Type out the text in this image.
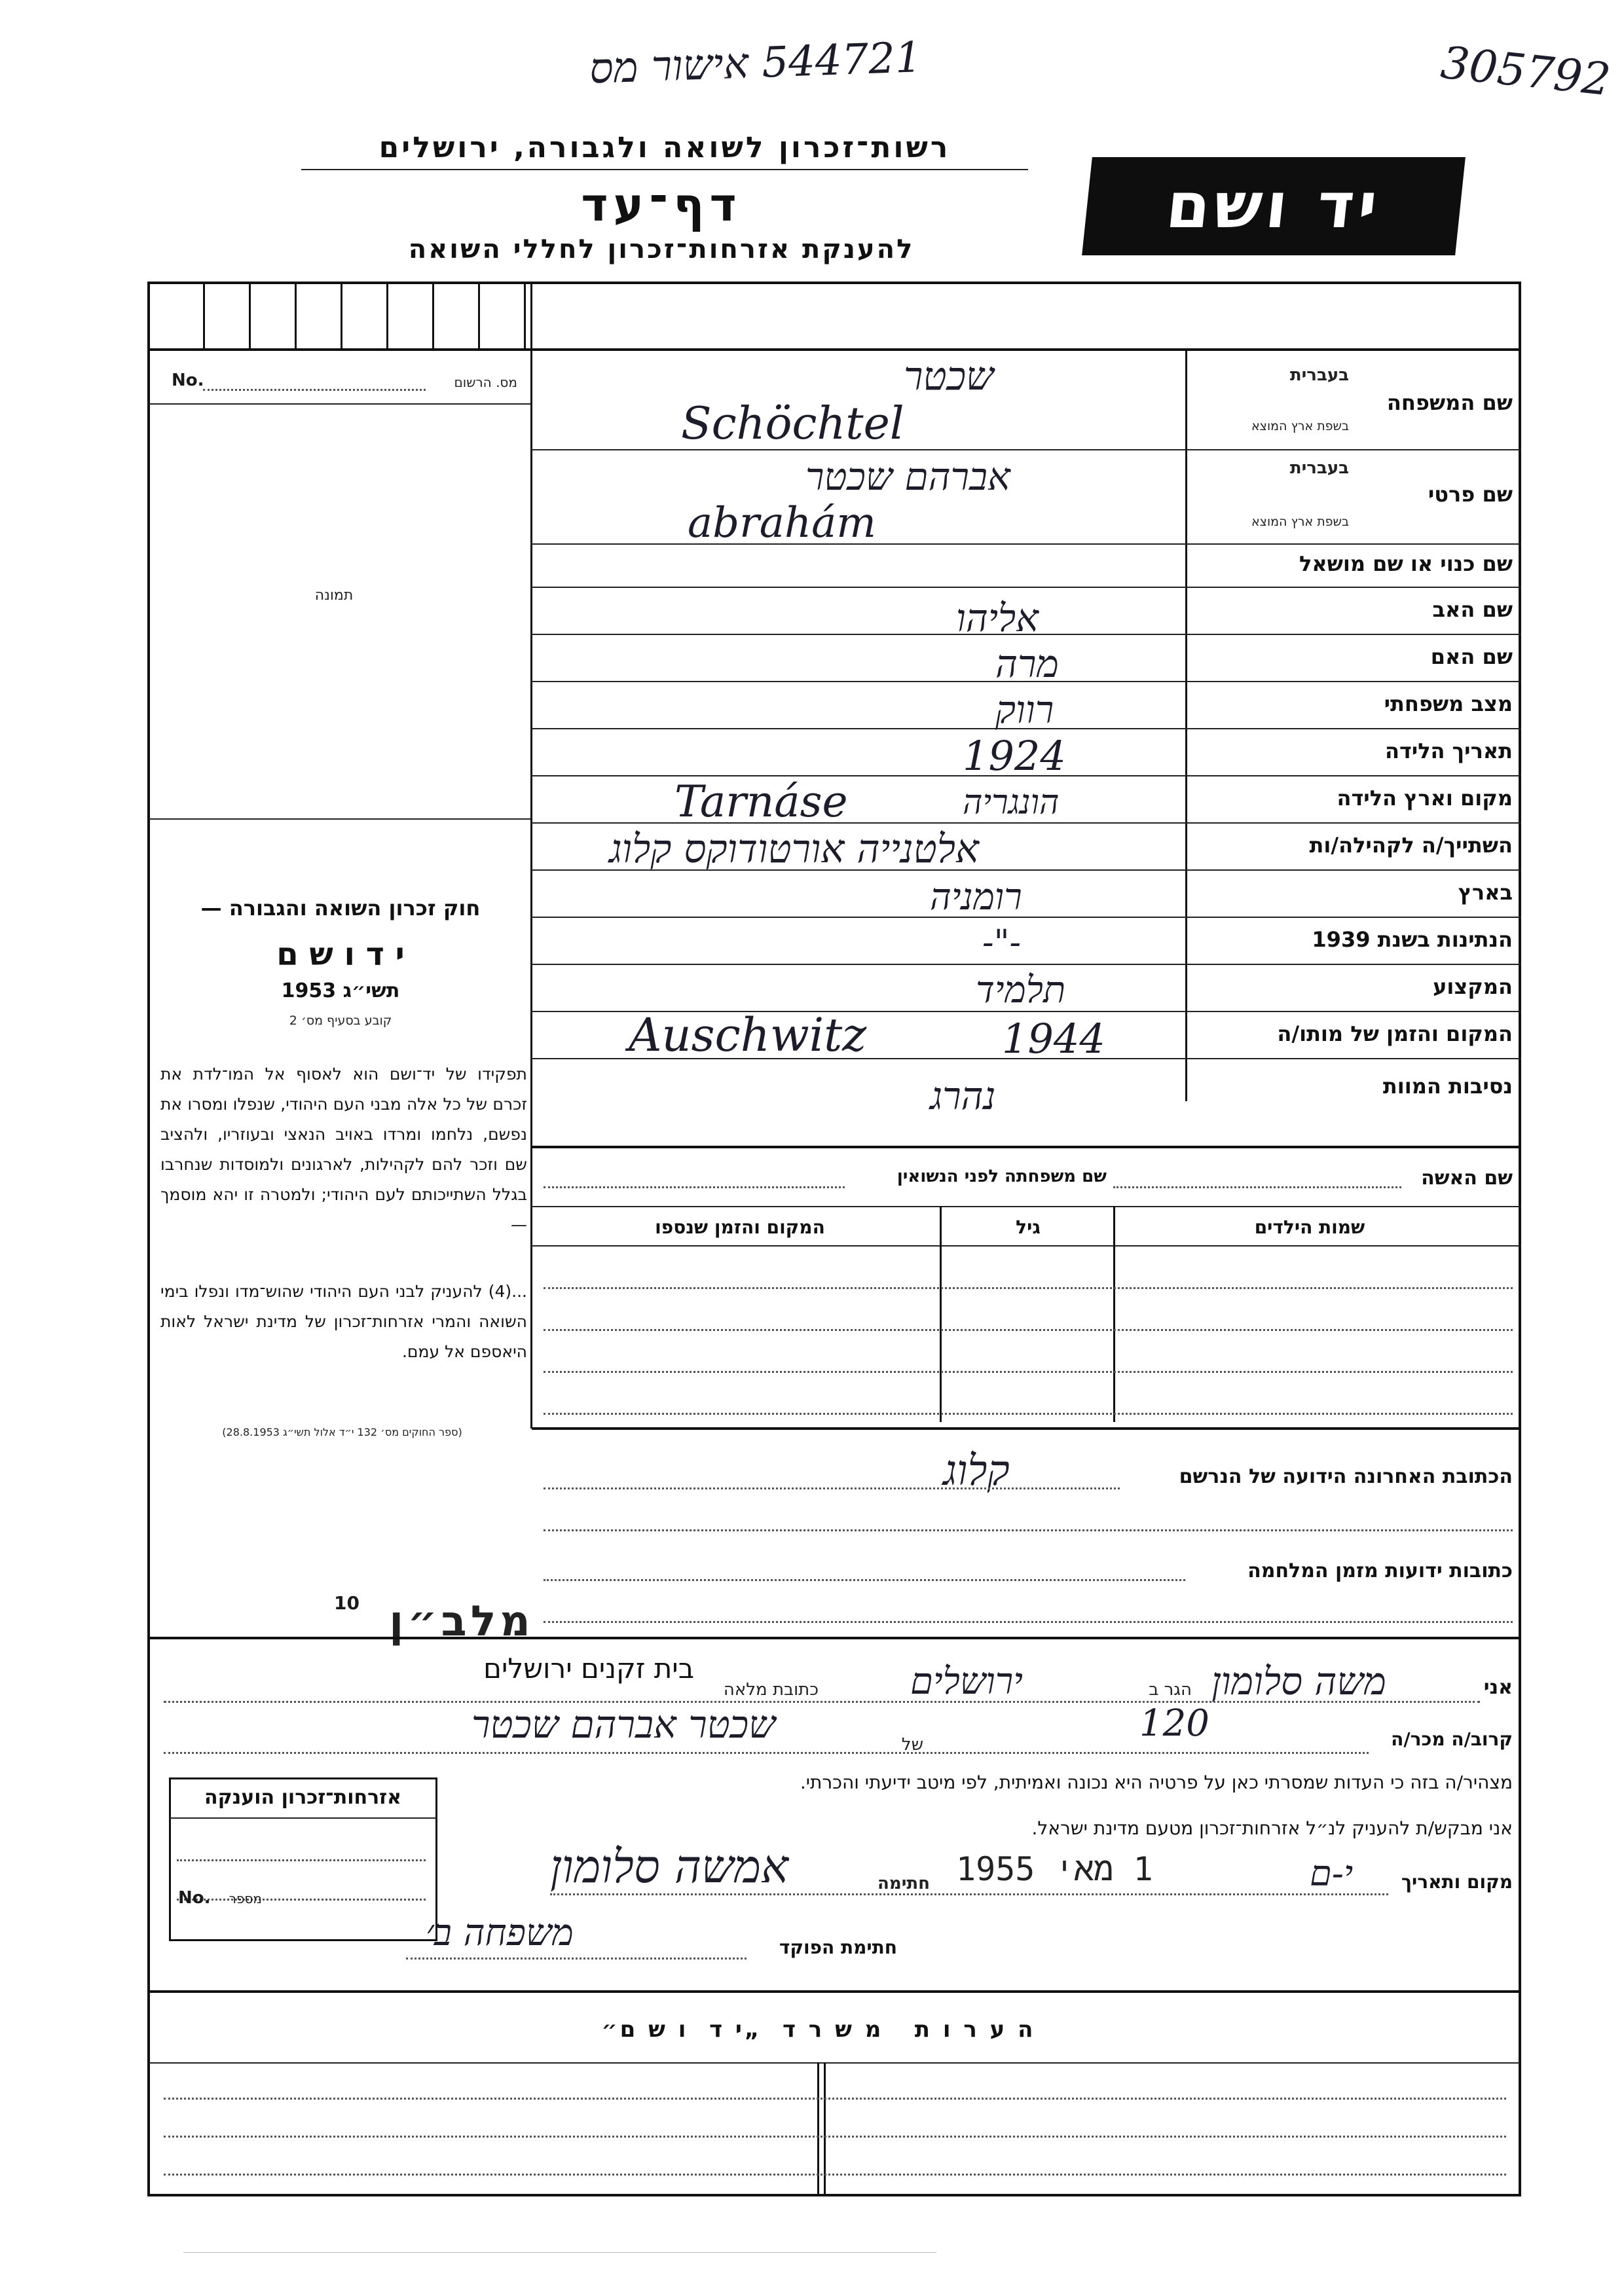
544721 אישור מס	305792
רשות־זכרון לשואה ולגבורה, ירושלים
דף־עד
להענקת אזרחות־זכרון לחללי השואה
יד ושם
מס. הרשום
No.
תמונה
חוק זכרון השואה והגבורה —
י ד ו ש ם
תשי״ג 1953
קובע בסעיף מס׳ 2
תפקידו של יד־ושם הוא לאסוף אל המו־לדת את זכרם של כל אלה מבני העם היהודי, שנפלו ומסרו את נפשם, נלחמו ומרדו באויב הנאצי ובעוזריו, ולהציב שם וזכר להם לקהילות, לארגונים ולמוסדות שנחרבו בגלל השתייכותם לעם היהודי; ולמטרה זו יהא מוסמך —
...(4) להעניק לבני העם היהודי שהוש־מדו ונפלו בימי השואה והמרי אזרחות־זכרון של מדינת ישראל לאות היאספם אל עמם.
(ספר החוקים מס׳ 132 י״ד אלול תשי״ג 28.8.1953)
שם המשפחה
בעברית
בשפת ארץ המוצא
שכטר
Schöchtel
שם פרטי
בעברית
בשפת ארץ המוצא
אברהם שכטר
abrahám
שם כנוי או שם מושאל
שם האב
אליהו
שם האם
מרה
מצב משפחתי
רווק
תאריך הלידה
1924
מקום וארץ הלידה
הונגריה
Tarnáse
השתייך/ה לקהילה/ות
אלטנייה אורטודוקס קלוג
בארץ
רומניה
הנתינות בשנת 1939
-"-
המקצוע
תלמיד
המקום והזמן של מותו/ה
Auschwitz	1944
נסיבות המוות
נהרג
שם האשה
שם משפחתה לפני הנשואין
שמות הילדים
גיל
המקום והזמן שנספו
הכתובת האחרונה הידועה של הנרשם
קלוג
כתובות ידועות מזמן המלחמה
10 מלב״ן
אני
משה סלומון
הגר ב
ירושלים
כתובת מלאה
בית זקנים ירושלים
קרוב/ה מכר/ה
120
של
שכטר אברהם שכטר
מצהיר/ה בזה כי העדות שמסרתי כאן על פרטיה היא נכונה ואמיתית, לפי מיטב ידיעתי והכרתי.
אני מבקש/ת להעניק לנ״ל אזרחות־זכרון מטעם מדינת ישראל.
מקום ותאריך
י-ם
1 מאי 1955
חתימה
אמשה סלומון
חתימת הפוקד
משפחה ב׳
אזרחות־זכרון הוענקה
מספר
No.
ה ע ר ו ת   מ ש ר ד  „י ד  ו ש ם״
